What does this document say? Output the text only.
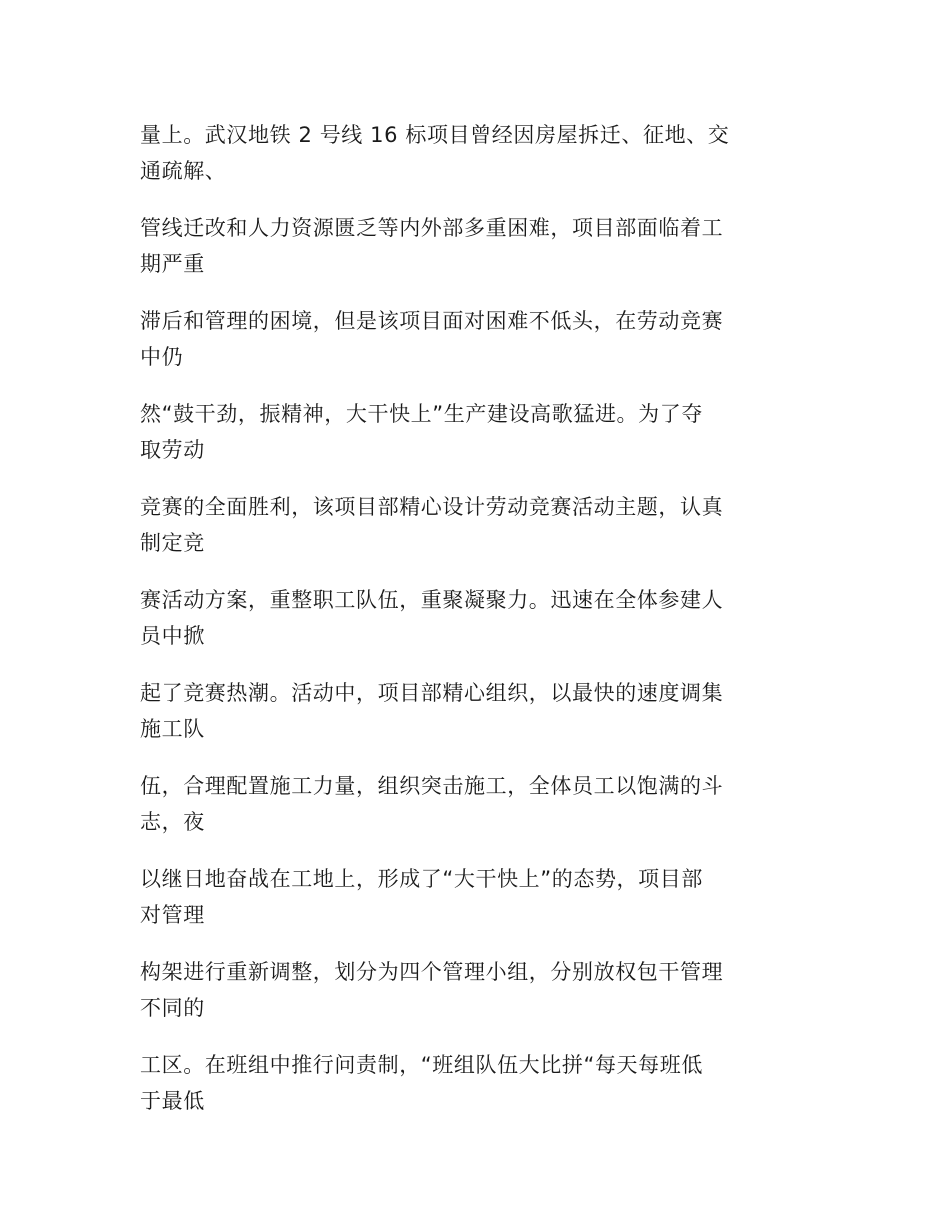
量上。武汉地铁 2 号线 16 标项目曾经因房屋拆迁、征地、交
通疏解、

管线迁改和人力资源匮乏等内外部多重困难，项目部面临着工
期严重

滞后和管理的困境，但是该项目面对困难不低头，在劳动竞赛
中仍

然“鼓干劲，振精神，大干快上”生产建设高歌猛进。为了夺
取劳动

竞赛的全面胜利，该项目部精心设计劳动竞赛活动主题，认真
制定竞

赛活动方案，重整职工队伍，重聚凝聚力。迅速在全体参建人
员中掀

起了竞赛热潮。活动中，项目部精心组织，以最快的速度调集
施工队

伍，合理配置施工力量，组织突击施工，全体员工以饱满的斗
志，夜

以继日地奋战在工地上，形成了“大干快上”的态势，项目部
对管理

构架进行重新调整，划分为四个管理小组，分别放权包干管理
不同的

工区。在班组中推行问责制，“班组队伍大比拼“每天每班低
于最低
